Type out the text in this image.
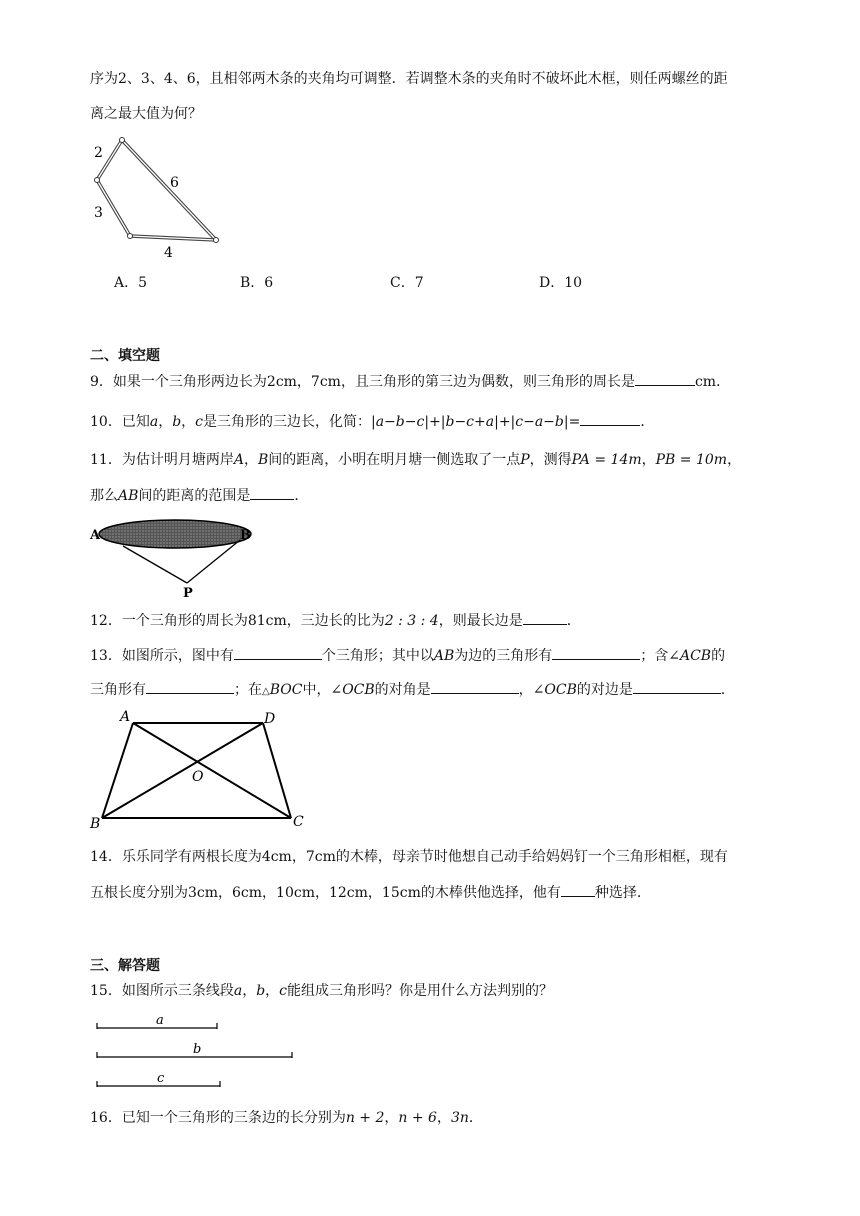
序为2、3、4、6，且相邻两木条的夹角均可调整．若调整木条的夹角时不破坏此木框，则任两螺丝的距
离之最大值为何？
2
3
4
6
A．5	B．6	C．7	D．10
二、填空题
9．如果一个三角形两边长为2cm，7cm，且三角形的第三边为偶数，则三角形的周长是	cm．
10．已知a，b，c是三角形的三边长，化简：|a−b−c|+|b−c+a|+|c−a−b|=	．
11．为估计明月塘两岸A，B间的距离，小明在明月塘一侧选取了一点P，测得PA = 14m，PB = 10m，
那么AB间的距离的范围是	．
A	B
P
12．一个三角形的周长为81cm，三边长的比为2 : 3 : 4，则最长边是	．
13．如图所示，图中有	个三角形；其中以AB为边的三角形有	；含∠ACB的
三角形有	；在△BOC中，∠OCB的对角是	，∠OCB的对边是	．
A	D
B	C
O
14．乐乐同学有两根长度为4cm，7cm的木棒，母亲节时他想自己动手给妈妈钉一个三角形相框，现有
五根长度分别为3cm，6cm，10cm，12cm，15cm的木棒供他选择，他有 种选择．
三、解答题
15．如图所示三条线段a，b，c能组成三角形吗？你是用什么方法判别的？
a
b
c
16．已知一个三角形的三条边的长分别为n + 2，n + 6，3n．
